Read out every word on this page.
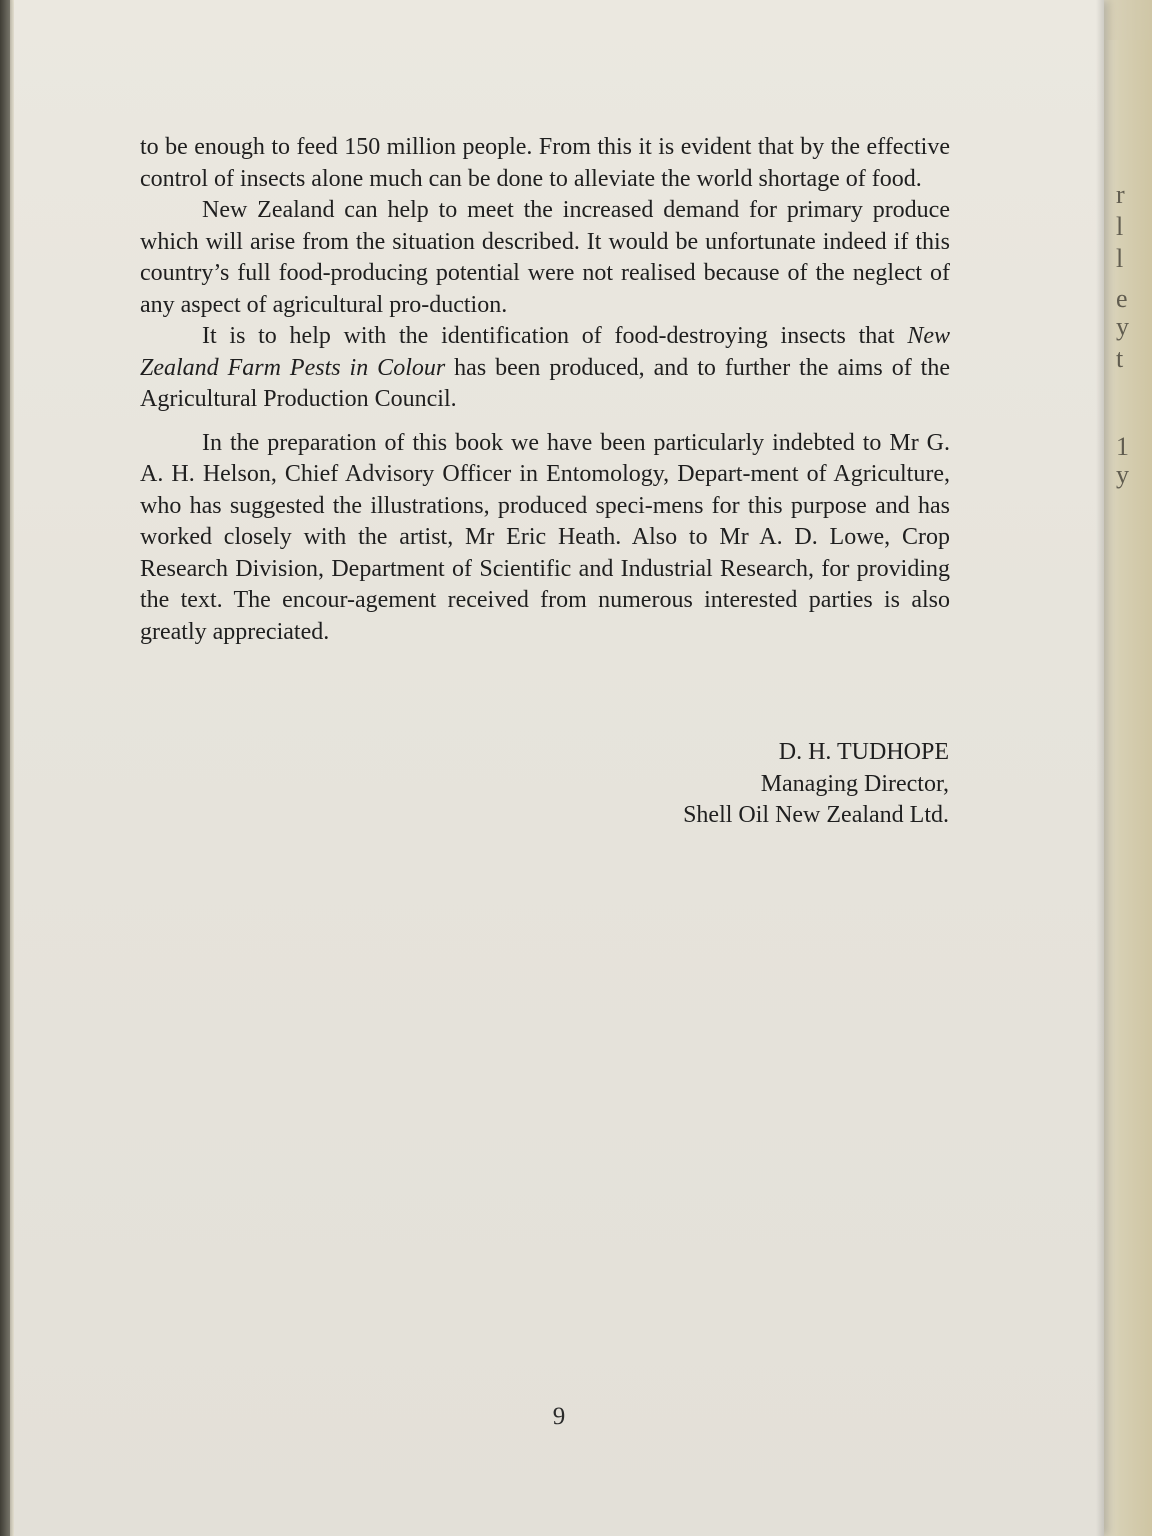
r
l
l
e
y
t
1
y

to be enough to feed 150 million people. From this it is evident that by the effective control of insects alone much can be done to alleviate the world shortage of food.

New Zealand can help to meet the increased demand for primary produce which will arise from the situation described. It would be unfortunate indeed if this country’s full food-producing potential were not realised because of the neglect of any aspect of agricultural pro-duction.

It is to help with the identification of food-destroying insects that New Zealand Farm Pests in Colour has been produced, and to further the aims of the Agricultural Production Council.

In the preparation of this book we have been particularly indebted to Mr G. A. H. Helson, Chief Advisory Officer in Entomology, Depart-ment of Agriculture, who has suggested the illustrations, produced speci-mens for this purpose and has worked closely with the artist, Mr Eric Heath. Also to Mr A. D. Lowe, Crop Research Division, Department of Scientific and Industrial Research, for providing the text. The encour-agement received from numerous interested parties is also greatly appreciated.

D. H. TUDHOPE
Managing Director,
Shell Oil New Zealand Ltd.
9
